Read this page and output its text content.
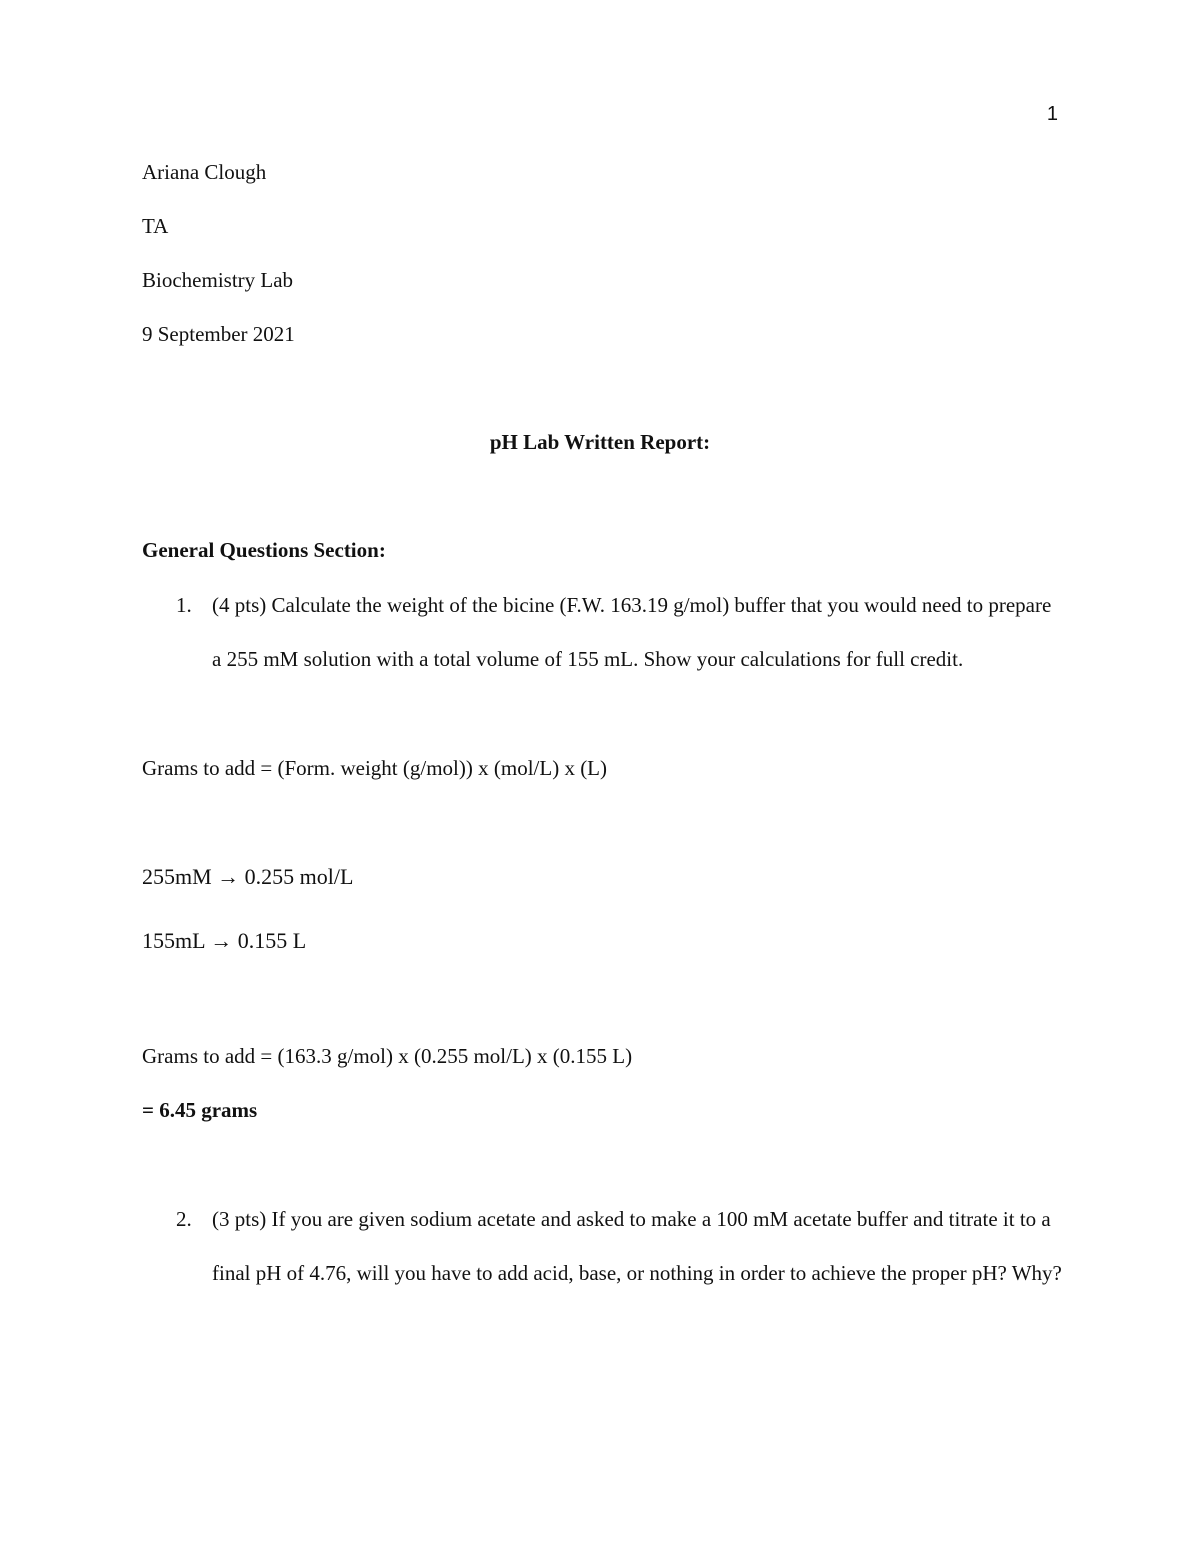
1
Ariana Clough
TA
Biochemistry Lab
9 September 2021
pH Lab Written Report:
General Questions Section:
1. (4 pts) Calculate the weight of the bicine (F.W. 163.19 g/mol) buffer that you would need to prepare a 255 mM solution with a total volume of 155 mL. Show your calculations for full credit.
Grams to add = (Form. weight (g/mol)) x (mol/L) x (L)
255mM → 0.255 mol/L
155mL → 0.155 L
Grams to add = (163.3 g/mol) x (0.255 mol/L) x (0.155 L)
= 6.45 grams
2. (3 pts) If you are given sodium acetate and asked to make a 100 mM acetate buffer and titrate it to a final pH of 4.76, will you have to add acid, base, or nothing in order to achieve the proper pH? Why?
